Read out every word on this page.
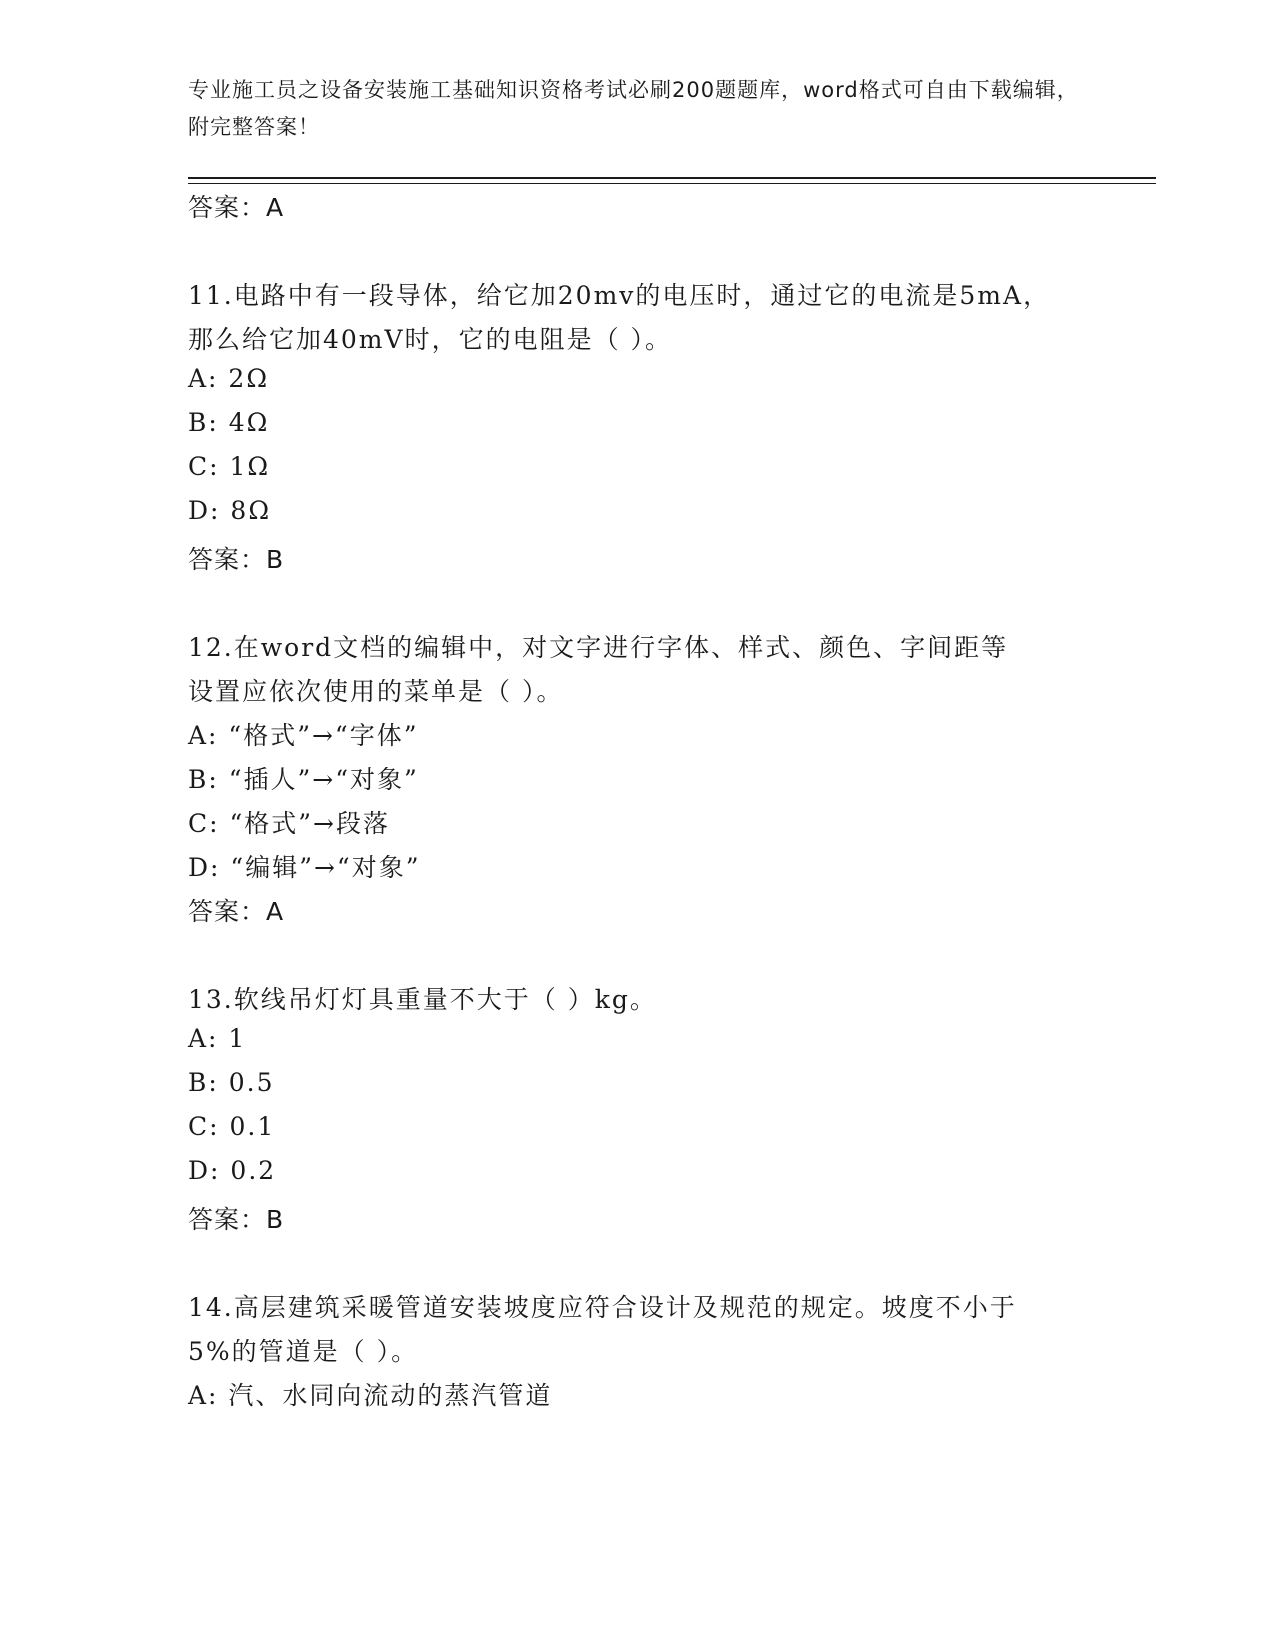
专业施工员之设备安装施工基础知识资格考试必刷200题题库，word格式可自由下载编辑，附完整答案！

答案：A
11.电路中有一段导体，给它加20mv的电压时，通过它的电流是5mA，
那么给它加40mV时，它的电阻是（ ）。
A: 2Ω
B: 4Ω
C: 1Ω
D: 8Ω
答案：B
12.在word文档的编辑中，对文字进行字体、样式、颜色、字间距等
设置应依次使用的菜单是（ ）。
A: “格式”→“字体”
B: “插人”→“对象”
C: “格式”→段落
D: “编辑”→“对象”
答案：A
13.软线吊灯灯具重量不大于（ ）kg。
A: 1
B: 0.5
C: 0.1
D: 0.2
答案：B
14.高层建筑采暖管道安装坡度应符合设计及规范的规定。坡度不小于
5%的管道是（ ）。
A: 汽、水同向流动的蒸汽管道
